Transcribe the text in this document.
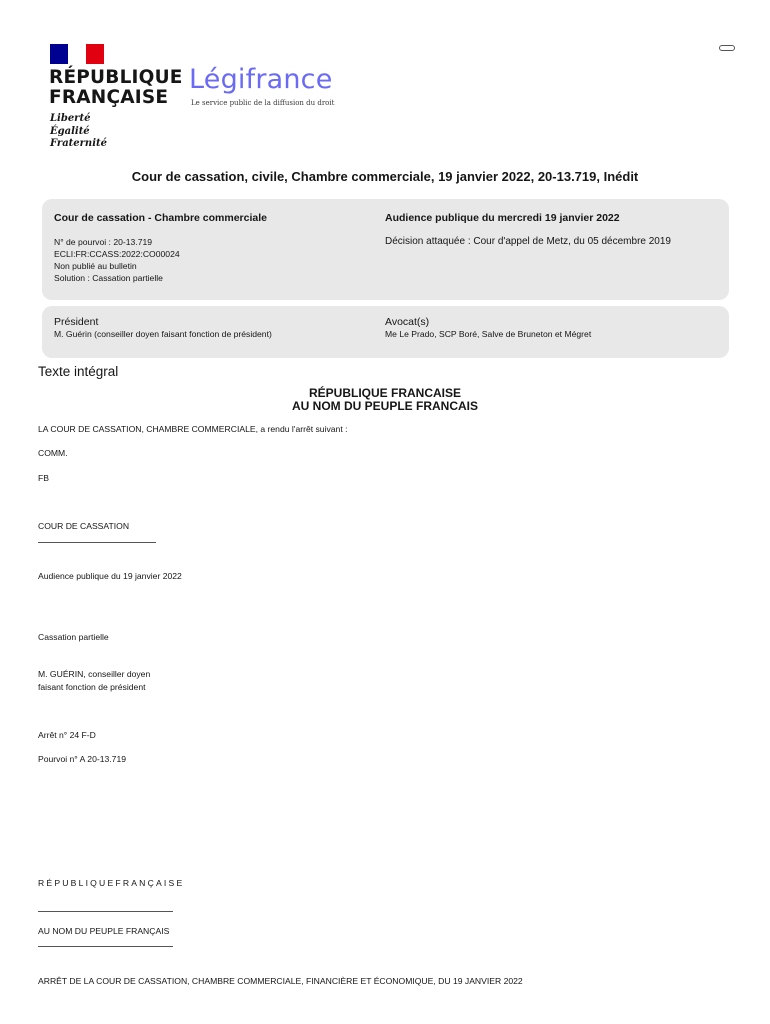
RÉPUBLIQUE
FRANÇAISE
Liberté
Égalité
Fraternité
Légifrance
Le service public de la diffusion du droit
Cour de cassation, civile, Chambre commerciale, 19 janvier 2022, 20-13.719, Inédit
Cour de cassation - Chambre commerciale
N° de pourvoi : 20-13.719
ECLI:FR:CCASS:2022:CO00024
Non publié au bulletin
Solution : Cassation partielle
Audience publique du mercredi 19 janvier 2022
Décision attaquée : Cour d'appel de Metz, du 05 décembre 2019
Président
M. Guérin (conseiller doyen faisant fonction de président)
Avocat(s)
Me Le Prado, SCP Boré, Salve de Bruneton et Mégret
Texte intégral
RÉPUBLIQUE FRANCAISE
AU NOM DU PEUPLE FRANCAIS
LA COUR DE CASSATION, CHAMBRE COMMERCIALE, a rendu l'arrêt suivant :
COMM.
FB
COUR DE CASSATION
Audience publique du 19 janvier 2022
Cassation partielle
M. GUÉRIN, conseiller doyen
faisant fonction de président
Arrêt n° 24 F-D
Pourvoi n° A 20-13.719
RÉPUBLIQUEFRANÇAISE
AU NOM DU PEUPLE FRANÇAIS
ARRÊT DE LA COUR DE CASSATION, CHAMBRE COMMERCIALE, FINANCIÈRE ET ÉCONOMIQUE, DU 19 JANVIER 2022
